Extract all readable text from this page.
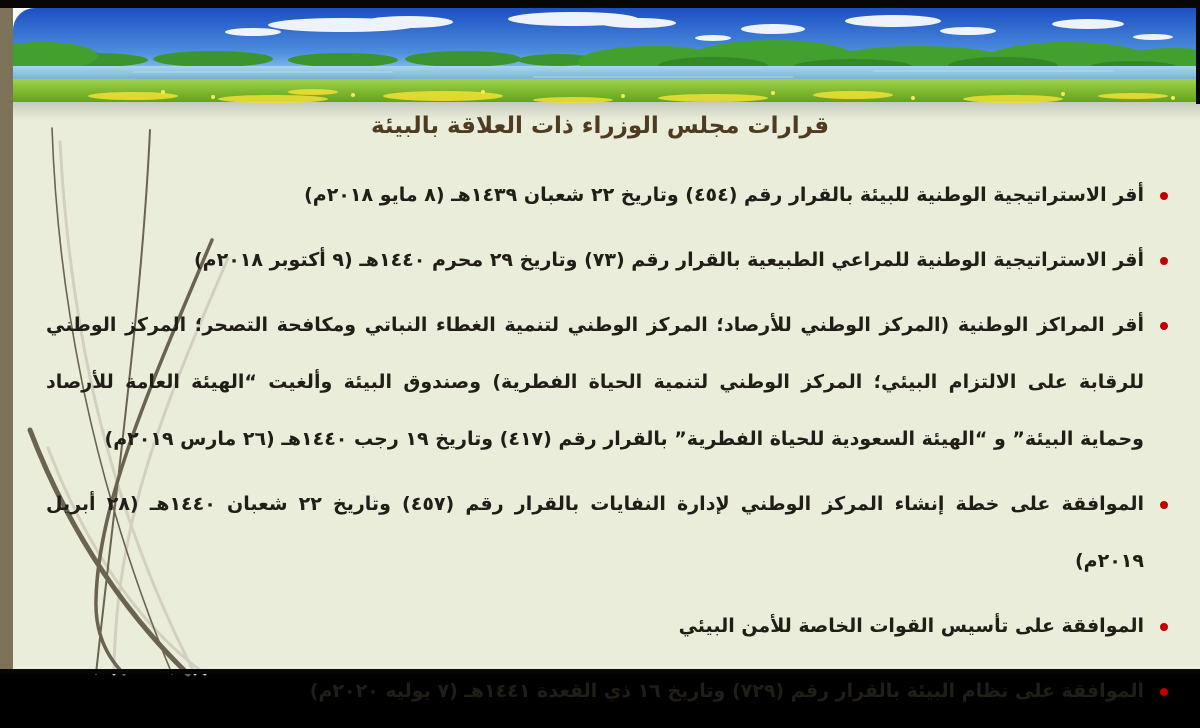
قرارات مجلس الوزراء ذات العلاقة بالبيئة
أقر الاستراتيجية الوطنية للبيئة بالقرار رقم (٤٥٤) وتاريخ ٢٢ شعبان ١٤٣٩هـ (٨ مايو ٢٠١٨م)
أقر الاستراتيجية الوطنية للمراعي الطبيعية بالقرار رقم (٧٣) وتاريخ ٢٩ محرم ١٤٤٠هـ (٩ أكتوبر ٢٠١٨م)
أقر المراكز الوطنية (المركز الوطني للأرصاد؛ المركز الوطني لتنمية الغطاء النباتي ومكافحة التصحر؛ المركز الوطني للرقابة على الالتزام البيئي؛ المركز الوطني لتنمية الحياة الفطرية) وصندوق البيئة وألغيت “الهيئة العامة للأرصاد وحماية البيئة” و “الهيئة السعودية للحياة الفطرية” بالقرار رقم (٤١٧) وتاريخ ١٩ رجب ١٤٤٠هـ (٢٦ مارس ٢٠١٩م)
الموافقة على خطة إنشاء المركز الوطني لإدارة النفايات بالقرار رقم (٤٥٧) وتاريخ ٢٢ شعبان ١٤٤٠هـ (٢٨ أبريل ٢٠١٩م)
الموافقة على تأسيس القوات الخاصة للأمن البيئي
الموافقة على نظام البيئة بالقرار رقم (٧٢٩) وتاريخ ١٦ ذي القعدة ١٤٤١هـ (٧ يوليه ٢٠٢٠م)
